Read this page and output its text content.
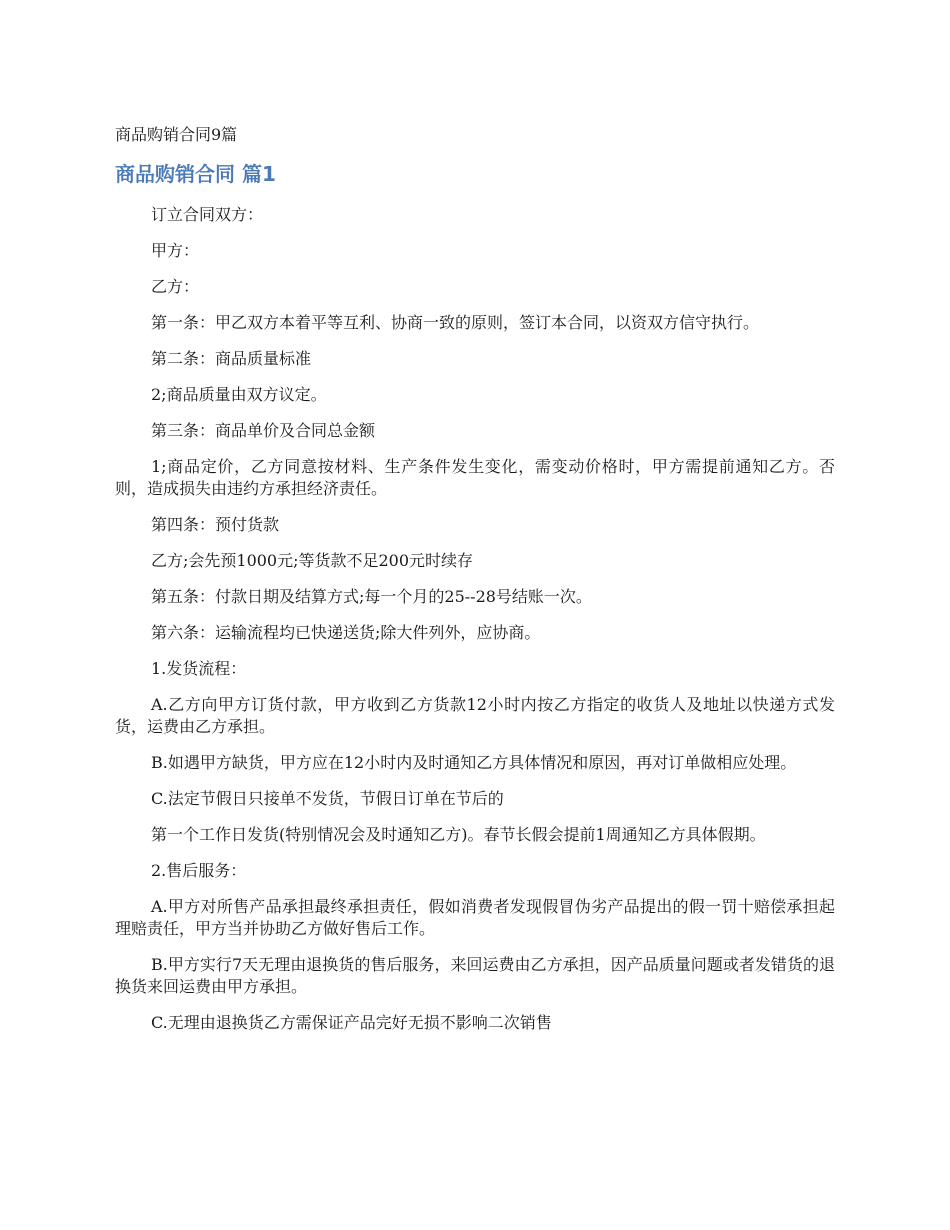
商品购销合同9篇
商品购销合同 篇1

订立合同双方：

甲方：

乙方：

第一条：甲乙双方本着平等互利、协商一致的原则，签订本合同，以资双方信守执行。

第二条：商品质量标准

2;商品质量由双方议定。

第三条：商品单价及合同总金额

1;商品定价，乙方同意按材料、生产条件发生变化，需变动价格时，甲方需提前通知乙方。否则，造成损失由违约方承担经济责任。

第四条：预付货款

乙方;会先预1000元;等货款不足200元时续存

第五条：付款日期及结算方式;每一个月的25--28号结账一次。

第六条：运输流程均已快递送货;除大件列外，应协商。

1.发货流程：

A.乙方向甲方订货付款，甲方收到乙方货款12小时内按乙方指定的收货人及地址以快递方式发货，运费由乙方承担。

B.如遇甲方缺货，甲方应在12小时内及时通知乙方具体情况和原因，再对订单做相应处理。

C.法定节假日只接单不发货，节假日订单在节后的

第一个工作日发货(特别情况会及时通知乙方)。春节长假会提前1周通知乙方具体假期。

2.售后服务：

A.甲方对所售产品承担最终承担责任，假如消费者发现假冒伪劣产品提出的假一罚十赔偿承担起理赔责任，甲方当并协助乙方做好售后工作。

B.甲方实行7天无理由退换货的售后服务，来回运费由乙方承担，因产品质量问题或者发错货的退换货来回运费由甲方承担。

C.无理由退换货乙方需保证产品完好无损不影响二次销售
